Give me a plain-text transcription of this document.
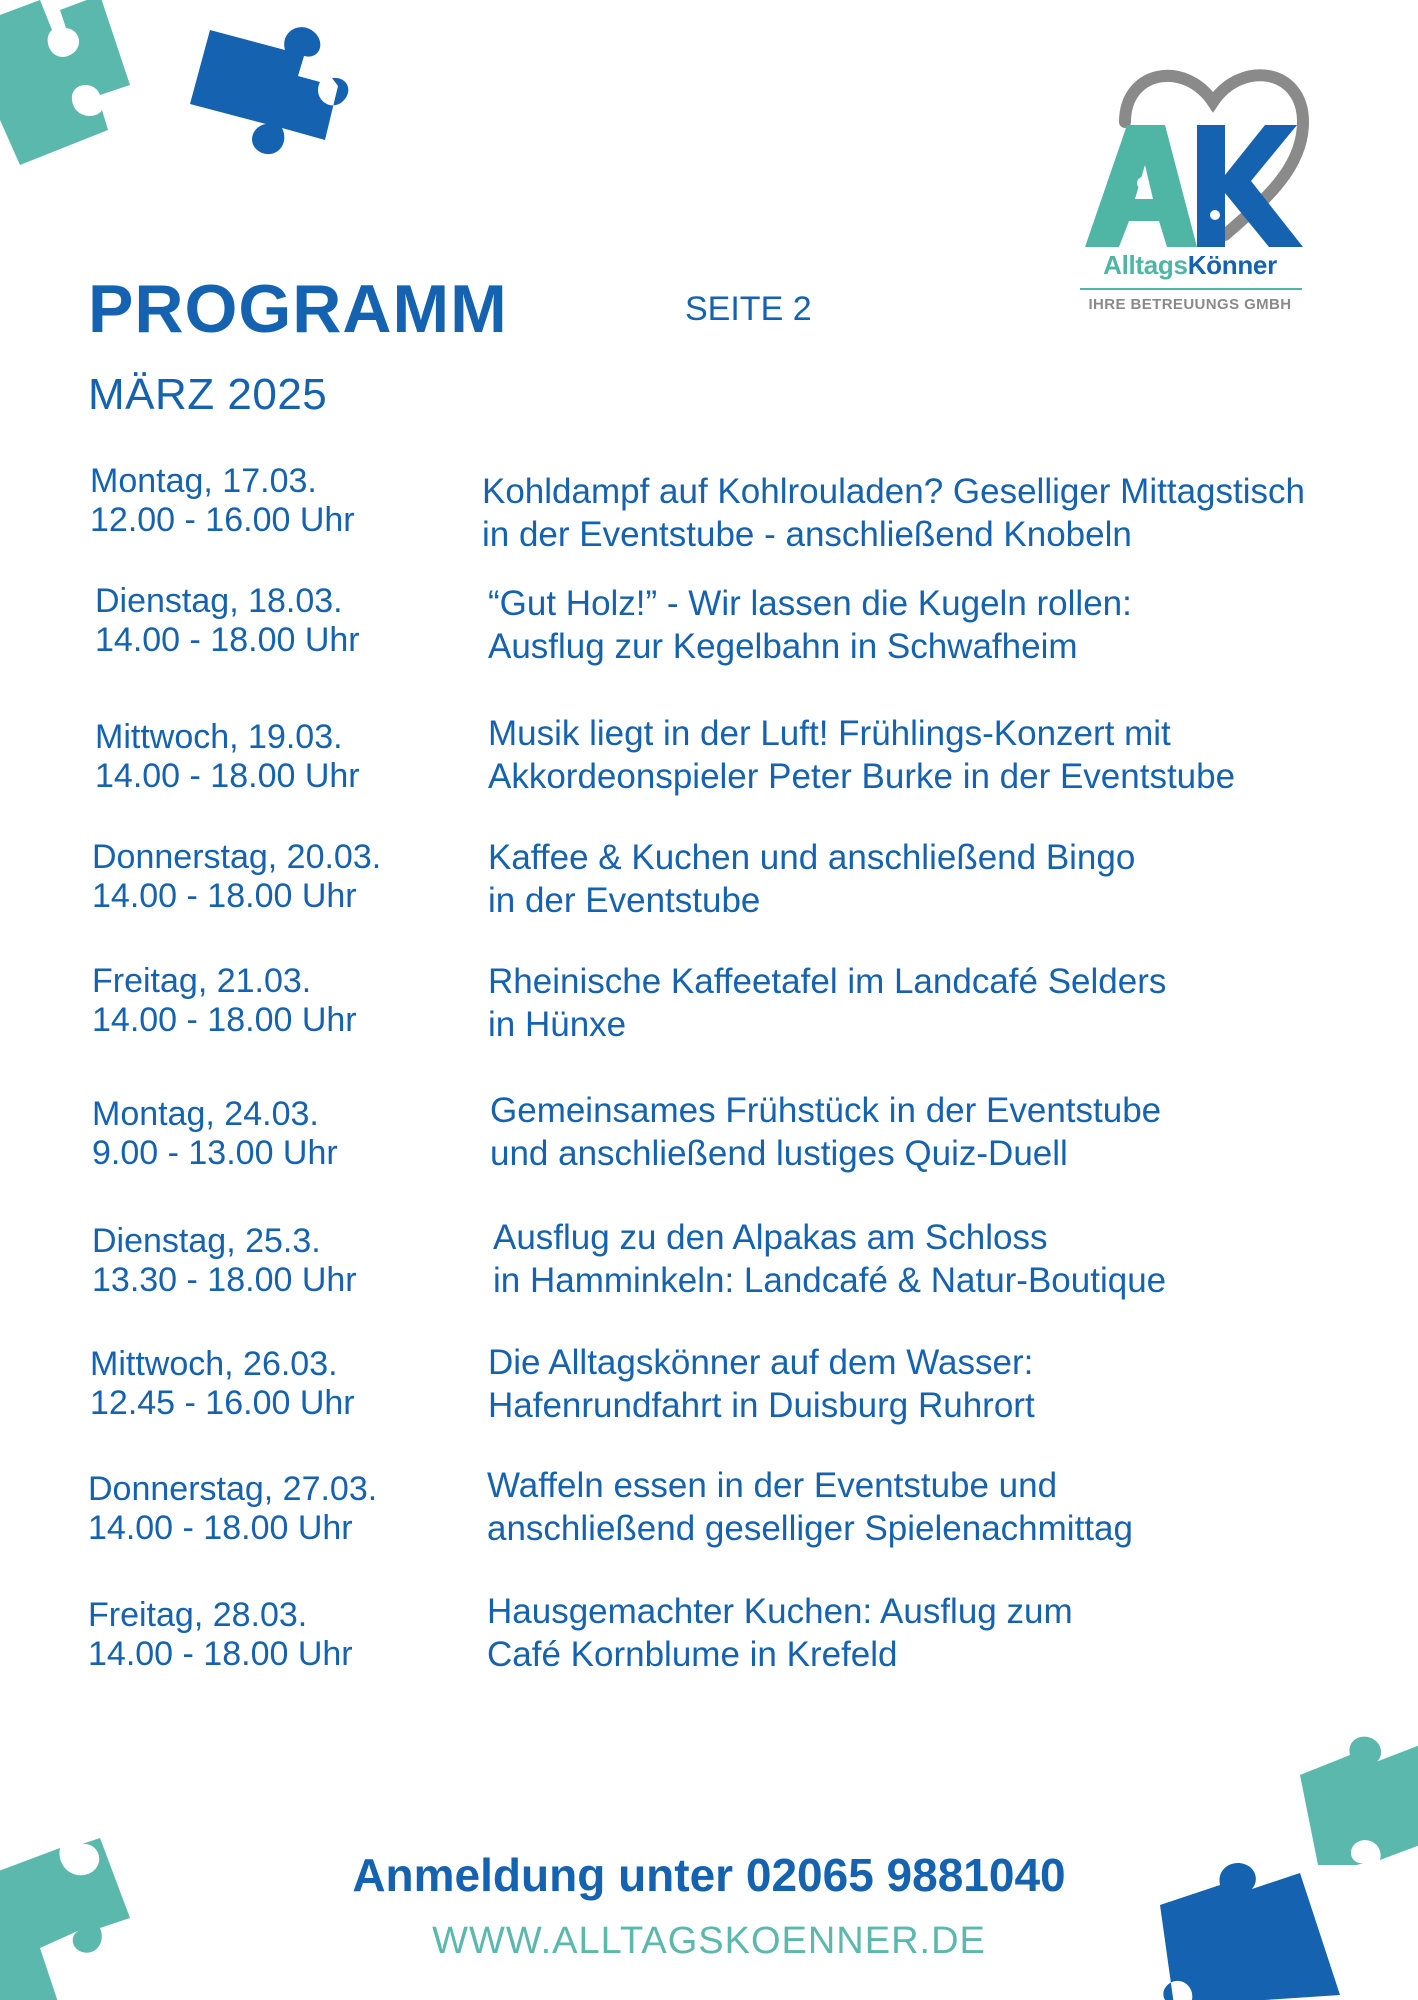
AlltagsKönner
IHRE BETREUUNGS GMBH
PROGRAMM	SEITE 2
MÄRZ 2025
Montag, 17.03.
12.00 - 16.00 Uhr
Kohldampf auf Kohlrouladen? Geselliger Mittagstisch
in der Eventstube - anschließend Knobeln
Dienstag, 18.03.
14.00 - 18.00 Uhr
“Gut Holz!” - Wir lassen die Kugeln rollen:
Ausflug zur Kegelbahn in Schwafheim
Mittwoch, 19.03.
14.00 - 18.00 Uhr
Musik liegt in der Luft! Frühlings-Konzert mit
Akkordeonspieler Peter Burke in der Eventstube
Donnerstag, 20.03.
14.00 - 18.00 Uhr
Kaffee & Kuchen und anschließend Bingo
in der Eventstube
Freitag, 21.03.
14.00 - 18.00 Uhr
Rheinische Kaffeetafel im Landcafé Selders
in Hünxe
Montag, 24.03.
9.00 - 13.00 Uhr
Gemeinsames Frühstück in der Eventstube
und anschließend lustiges Quiz-Duell
Dienstag, 25.3.
13.30 - 18.00 Uhr
Ausflug zu den Alpakas am Schloss
in Hamminkeln: Landcafé & Natur-Boutique
Mittwoch, 26.03.
12.45 - 16.00 Uhr
Die Alltagskönner auf dem Wasser:
Hafenrundfahrt in Duisburg Ruhrort
Donnerstag, 27.03.
14.00 - 18.00 Uhr
Waffeln essen in der Eventstube und
anschließend geselliger Spielenachmittag
Freitag, 28.03.
14.00 - 18.00 Uhr
Hausgemachter Kuchen: Ausflug zum
Café Kornblume in Krefeld
Anmeldung unter 02065 9881040
WWW.ALLTAGSKOENNER.DE
